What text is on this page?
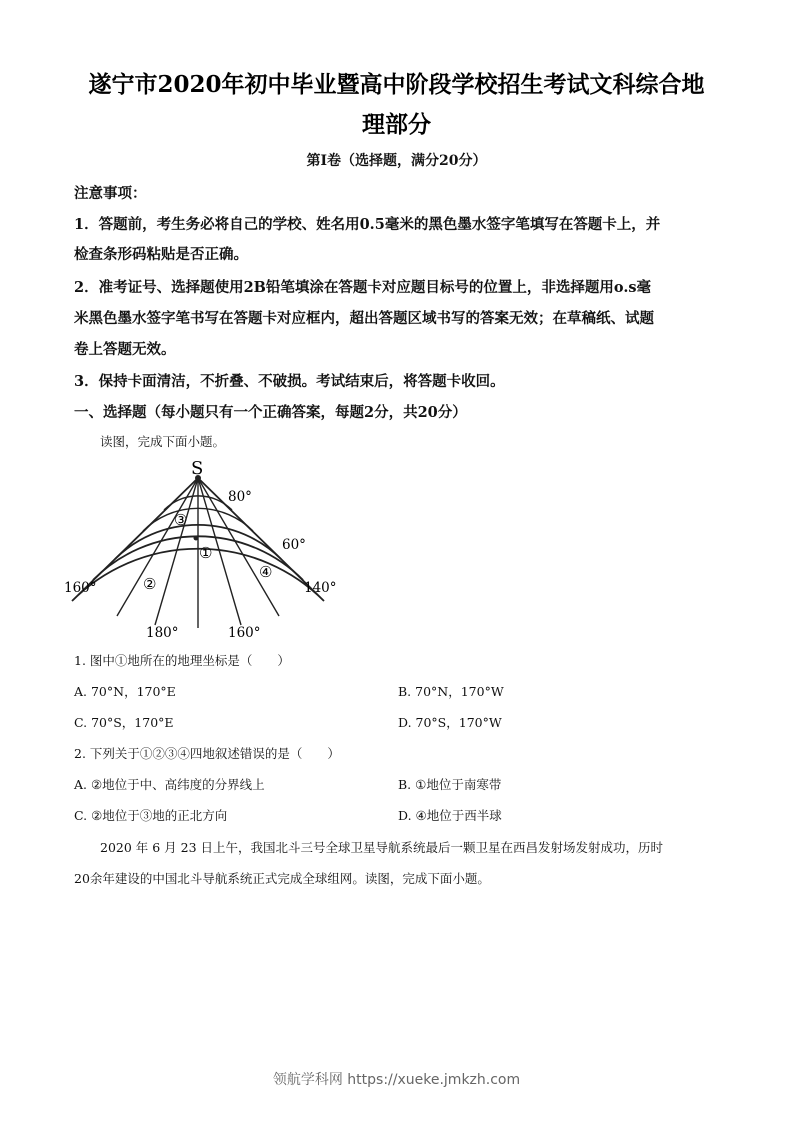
遂宁市2020年初中毕业暨高中阶段学校招生考试文科综合地
理部分
第Ⅰ卷（选择题，满分20分）
注意事项：
1．答题前，考生务必将自己的学校、姓名用0.5毫米的黑色墨水签字笔填写在答题卡上，并
检查条形码粘贴是否正确。
2．准考证号、选择题使用2B铅笔填涂在答题卡对应题目标号的位置上，非选择题用o.s毫
米黑色墨水签字笔书写在答题卡对应框内，超出答题区域书写的答案无效；在草稿纸、试题
卷上答题无效。
3．保持卡面清洁，不折叠、不破损。考试结束后，将答题卡收回。
一、选择题（每小题只有一个正确答案，每题2分，共20分）
读图，完成下面小题。
S
80°
60°
160°	140°
180°	160°
①
②
③
④
1. 图中①地所在的地理坐标是（　　）
A. 70°N，170°E	B. 70°N，170°W
C. 70°S，170°E	D. 70°S，170°W
2. 下列关于①②③④四地叙述错误的是（　　）
A. ②地位于中、高纬度的分界线上	B. ①地位于南寒带
C. ②地位于③地的正北方向	D. ④地位于西半球
2020 年 6 月 23 日上午，我国北斗三号全球卫星导航系统最后一颗卫星在西昌发射场发射成功，历时
20余年建设的中国北斗导航系统正式完成全球组网。读图，完成下面小题。
领航学科网 https://xueke.jmkzh.com
